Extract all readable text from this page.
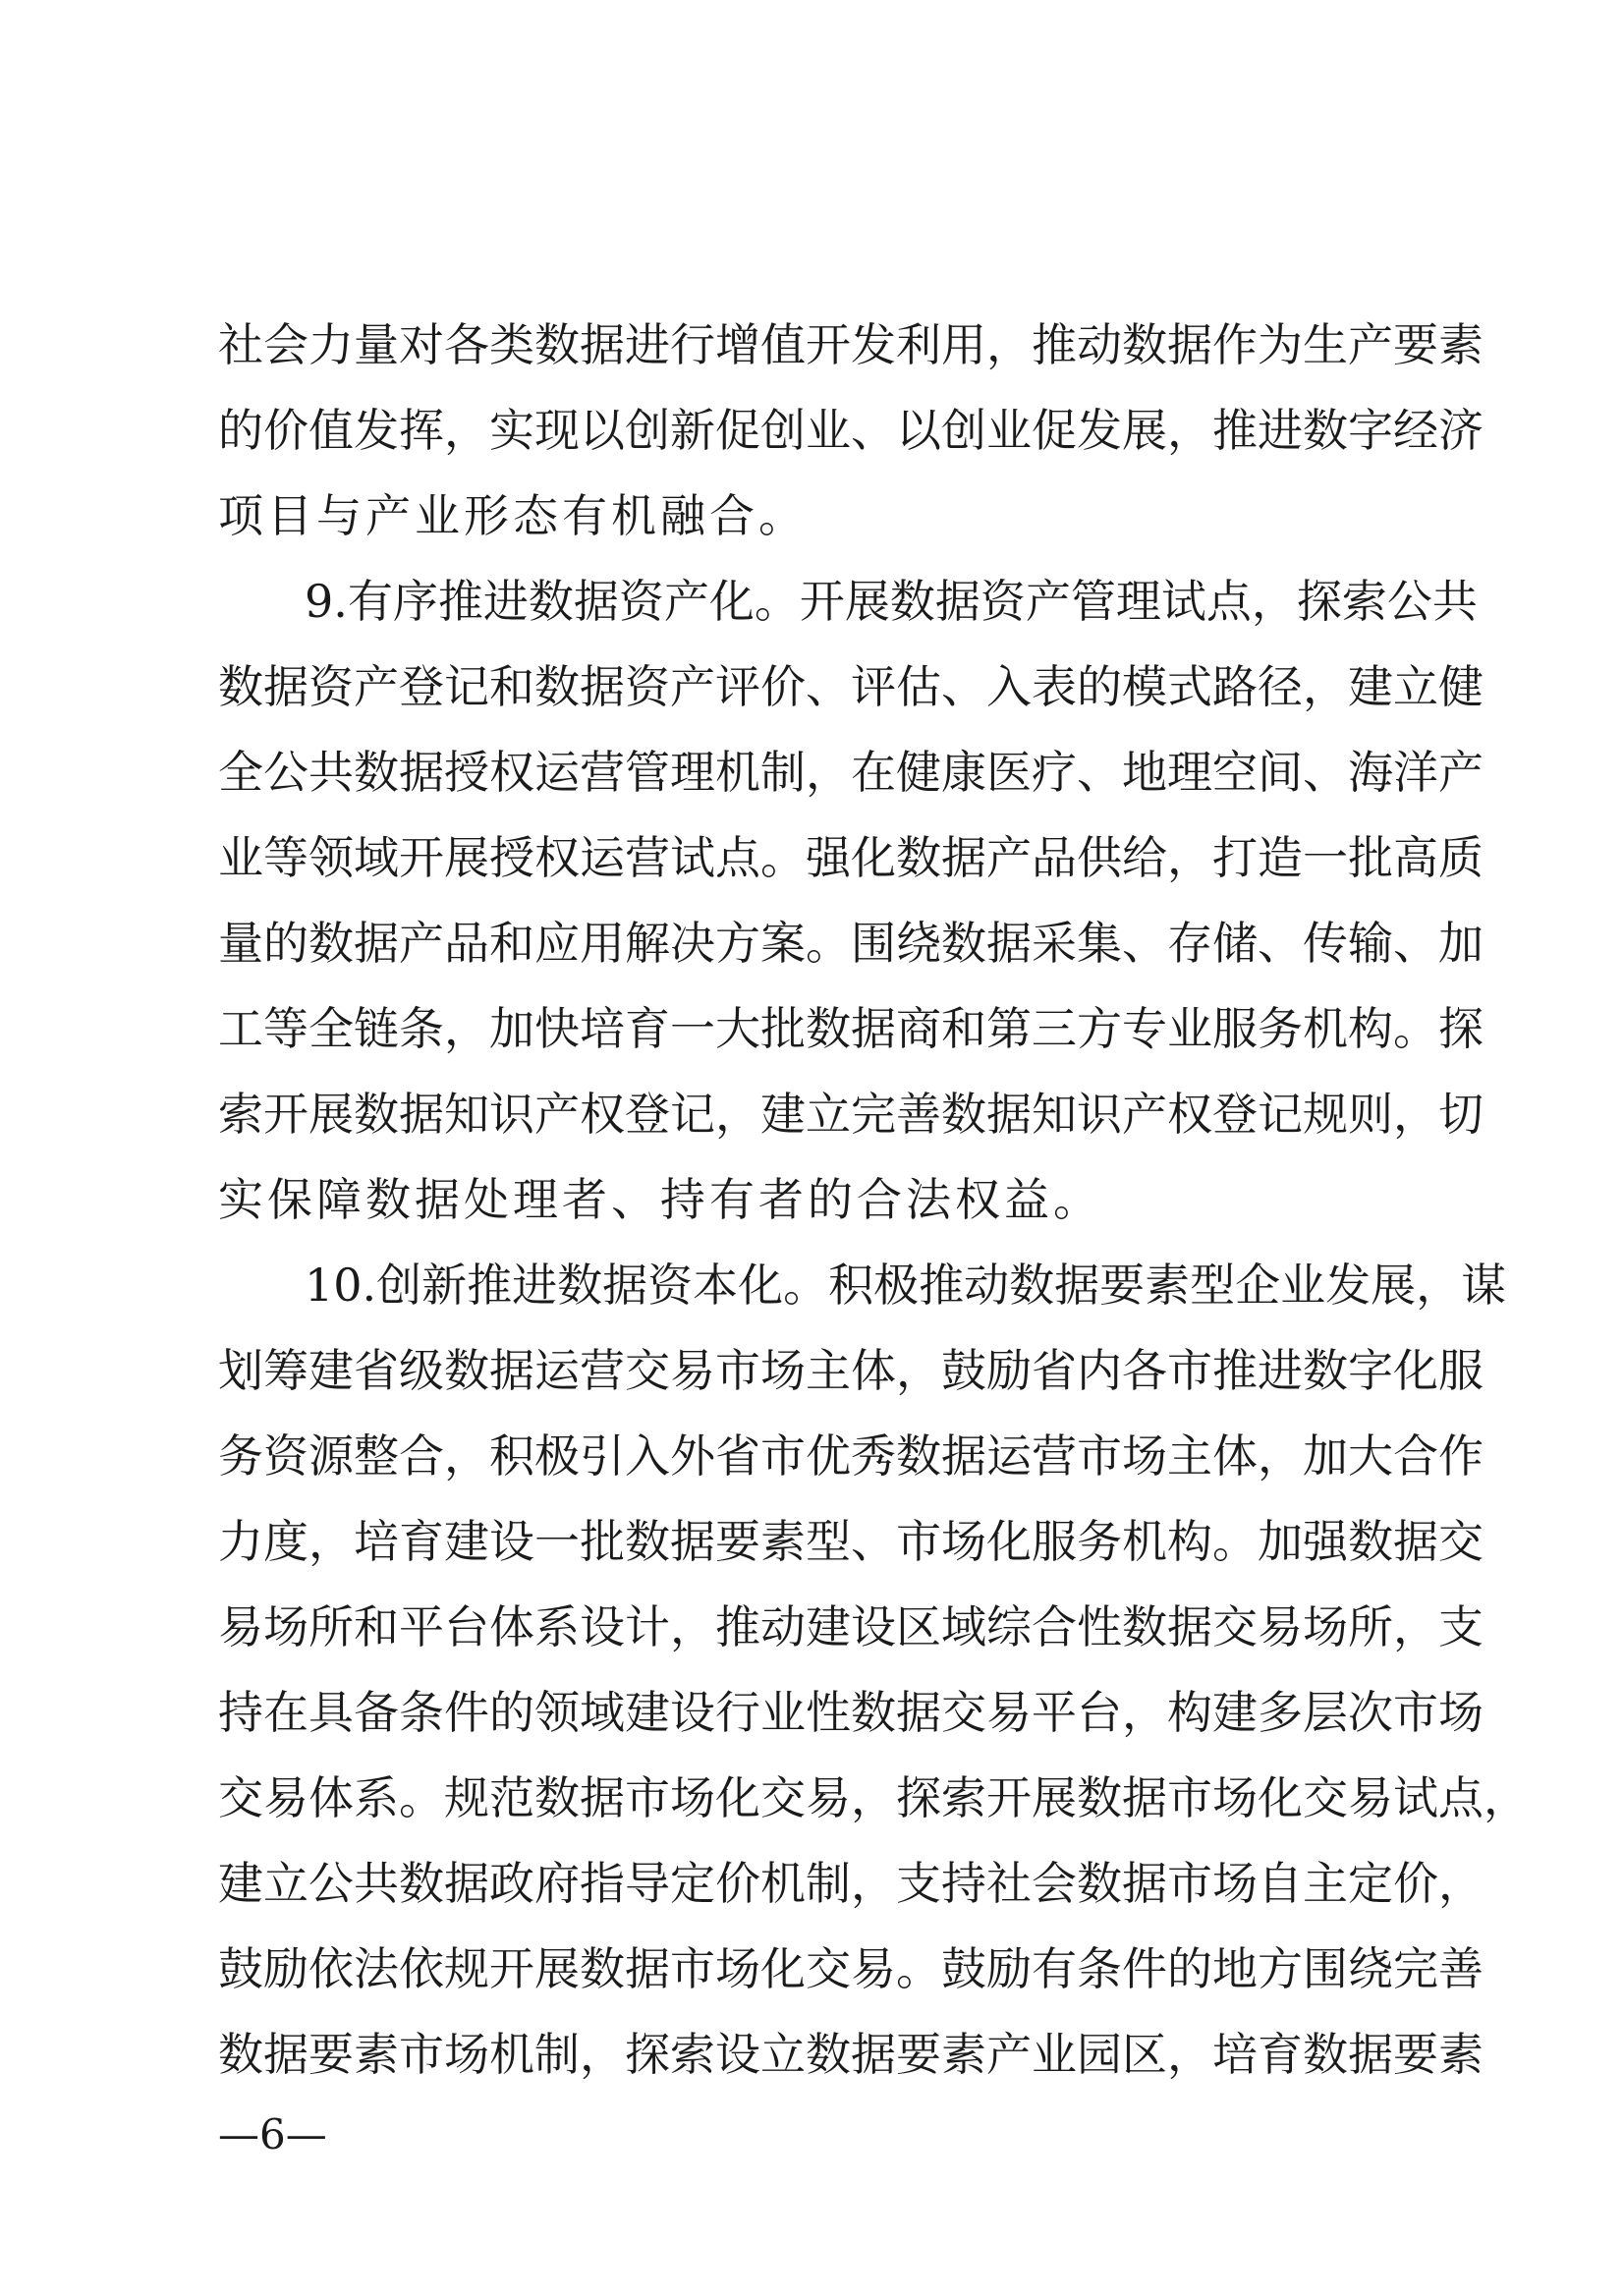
社会力量对各类数据进行增值开发利用，推动数据作为生产要素
的价值发挥，实现以创新促创业、以创业促发展，推进数字经济
项目与产业形态有机融合。
9.有序推进数据资产化。开展数据资产管理试点，探索公共
数据资产登记和数据资产评价、评估、入表的模式路径，建立健
全公共数据授权运营管理机制，在健康医疗、地理空间、海洋产
业等领域开展授权运营试点。强化数据产品供给，打造一批高质
量的数据产品和应用解决方案。围绕数据采集、存储、传输、加
工等全链条，加快培育一大批数据商和第三方专业服务机构。探
索开展数据知识产权登记，建立完善数据知识产权登记规则，切
实保障数据处理者、持有者的合法权益。
10.创新推进数据资本化。积极推动数据要素型企业发展，谋
划筹建省级数据运营交易市场主体，鼓励省内各市推进数字化服
务资源整合，积极引入外省市优秀数据运营市场主体，加大合作
力度，培育建设一批数据要素型、市场化服务机构。加强数据交
易场所和平台体系设计，推动建设区域综合性数据交易场所，支
持在具备条件的领域建设行业性数据交易平台，构建多层次市场
交易体系。规范数据市场化交易，探索开展数据市场化交易试点，
建立公共数据政府指导定价机制，支持社会数据市场自主定价，
鼓励依法依规开展数据市场化交易。鼓励有条件的地方围绕完善
数据要素市场机制，探索设立数据要素产业园区，培育数据要素
—6—
